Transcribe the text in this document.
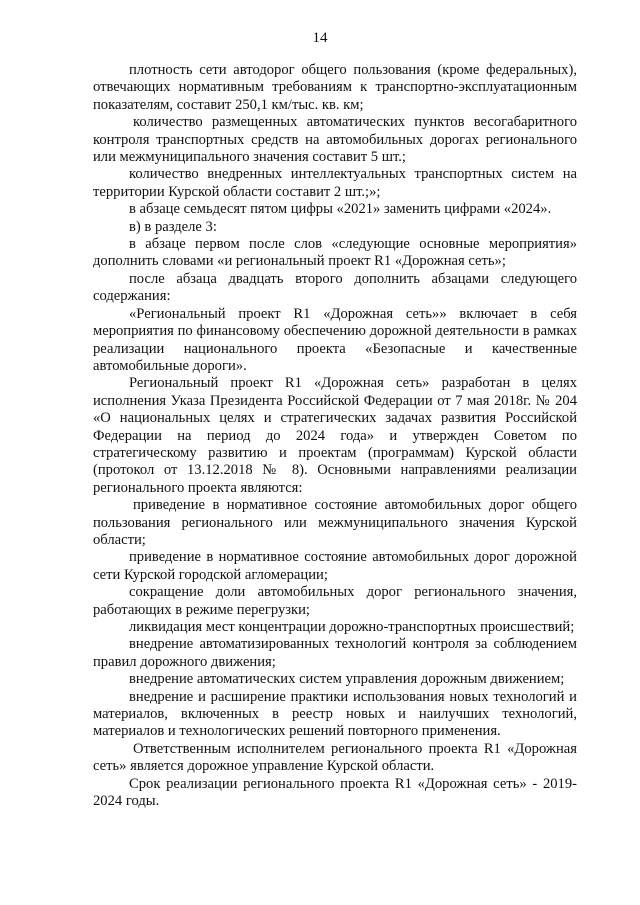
14

плотность сети автодорог общего пользования (кроме федеральных), отвечающих нормативным требованиям к транспортно-эксплуатационным показателям, составит 250,1 км/тыс. кв. км;

количество размещенных автоматических пунктов весогабаритного контроля транспортных средств на автомобильных дорогах регионального или межмуниципального значения составит 5 шт.;

количество внедренных интеллектуальных транспортных систем на территории Курской области составит 2 шт.;»;

в абзаце семьдесят пятом цифры «2021» заменить цифрами «2024».

в) в разделе 3:

в абзаце первом после слов «следующие основные мероприятия» дополнить словами «и региональный проект R1 «Дорожная сеть»;

после абзаца двадцать второго дополнить абзацами следующего содержания:

«Региональный проект R1 «Дорожная сеть»» включает в себя мероприятия по финансовому обеспечению дорожной деятельности в рамках реализации национального проекта «Безопасные и качественные автомобильные дороги».

Региональный проект R1 «Дорожная сеть» разработан в целях исполнения Указа Президента Российской Федерации от 7 мая 2018г. № 204 «О национальных целях и стратегических задачах развития Российской Федерации на период до 2024 года» и утвержден Советом по стратегическому развитию и проектам (программам) Курской области (протокол от 13.12.2018 № 8). Основными направлениями реализации регионального проекта являются:

приведение в нормативное состояние автомобильных дорог общего пользования регионального или межмуниципального значения Курской области;

приведение в нормативное состояние автомобильных дорог дорожной сети Курской городской агломерации;

сокращение доли автомобильных дорог регионального значения, работающих в режиме перегрузки;

ликвидация мест концентрации дорожно-транспортных происшествий;

внедрение автоматизированных технологий контроля за соблюдением правил дорожного движения;

внедрение автоматических систем управления дорожным движением;

внедрение и расширение практики использования новых технологий и материалов, включенных в реестр новых и наилучших технологий, материалов и технологических решений повторного применения.

Ответственным исполнителем регионального проекта R1 «Дорожная сеть» является дорожное управление Курской области.

Срок реализации регионального проекта R1 «Дорожная сеть» - 2019-2024 годы.
